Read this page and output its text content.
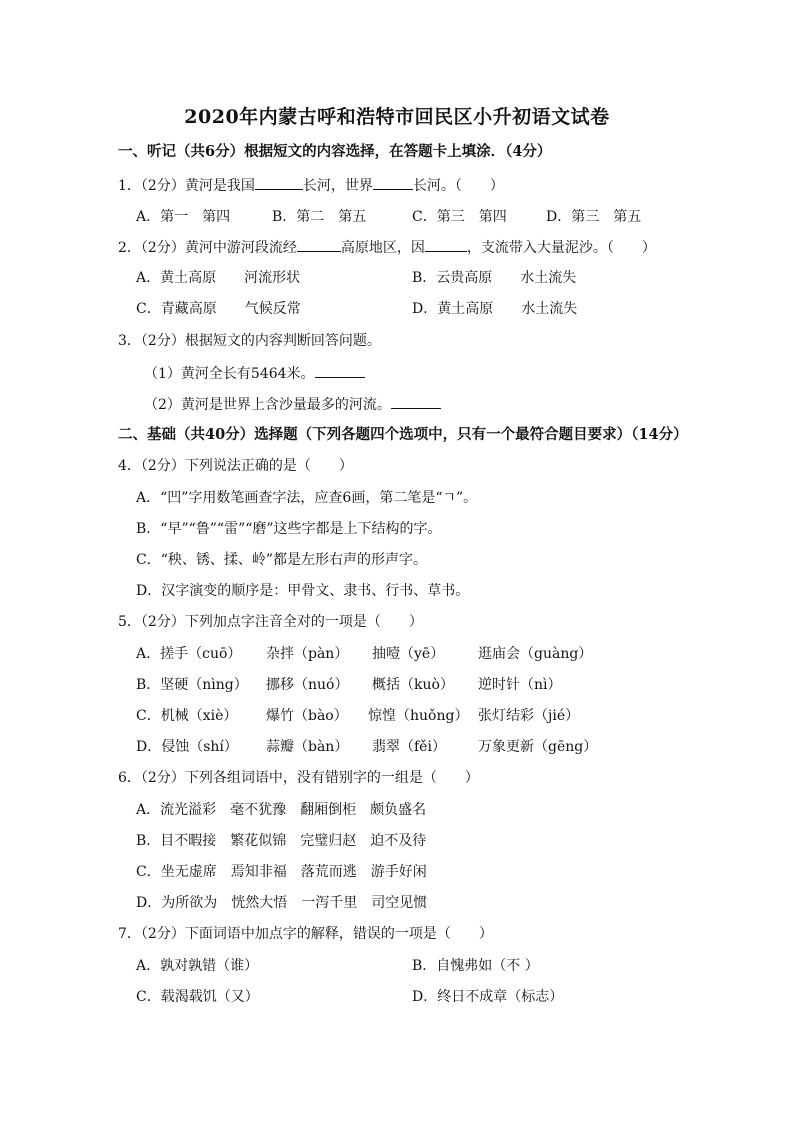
2020年内蒙古呼和浩特市回民区小升初语文试卷
一、听记（共6分）根据短文的内容选择，在答题卡上填涂．（4分）
1．（2分）黄河是我国	长河，世界	长河。（　　）
A．第一　第四	B．第二　第五	C．第三　第四	D．第三　第五
2．（2分）黄河中游河段流经	高原地区，因	，支流带入大量泥沙。（　　）
A．黄土高原　　河流形状	B．云贵高原　　水土流失
C．青藏高原　　气候反常	D．黄土高原　　水土流失
3．（2分）根据短文的内容判断回答问题。
（1）黄河全长有5464米。
（2）黄河是世界上含沙量最多的河流。
二、基础（共40分）选择题（下列各题四个选项中，只有一个最符合题目要求）（14分）
4．（2分）下列说法正确的是（　　）
A．“凹”字用数笔画查字法，应查6画，第二笔是“ㄱ”。
B．“早”“鲁”“雷”“磨”这些字都是上下结构的字。
C．“秧、锈、揉、岭”都是左形右声的形声字。
D．汉字演变的顺序是：甲骨文、隶书、行书、草书。
5．（2分）下列加点字注音全对的一项是（　　）
A．搓手（cuō） 杂拌（pàn） 抽噎（yē） 逛庙会（guàng）
B．坚硬（nìng） 挪移（nuó） 概括（kuò） 逆时针（nì）
C．机械（xiè） 爆竹（bào） 惊惶（huǒng） 张灯结彩（jié）
D．侵蚀（shí） 蒜瓣（bàn） 翡翠（fěi） 万象更新（gēng）
6．（2分）下列各组词语中，没有错别字的一组是（　　）
A．流光溢彩　毫不犹豫　翻厢倒柜　颇负盛名
B．目不暇接　繁花似锦　完璧归赵　迫不及待
C．坐无虚席　焉知非福　落荒而逃　游手好闲
D．为所欲为　恍然大悟　一泻千里　司空见惯
7．（2分）下面词语中加点字的解释，错误的一项是（　　）
A．孰对孰错（谁）	B．自愧弗如（不 ）
C．载渴载饥（又）	D．终日不成章（标志）
